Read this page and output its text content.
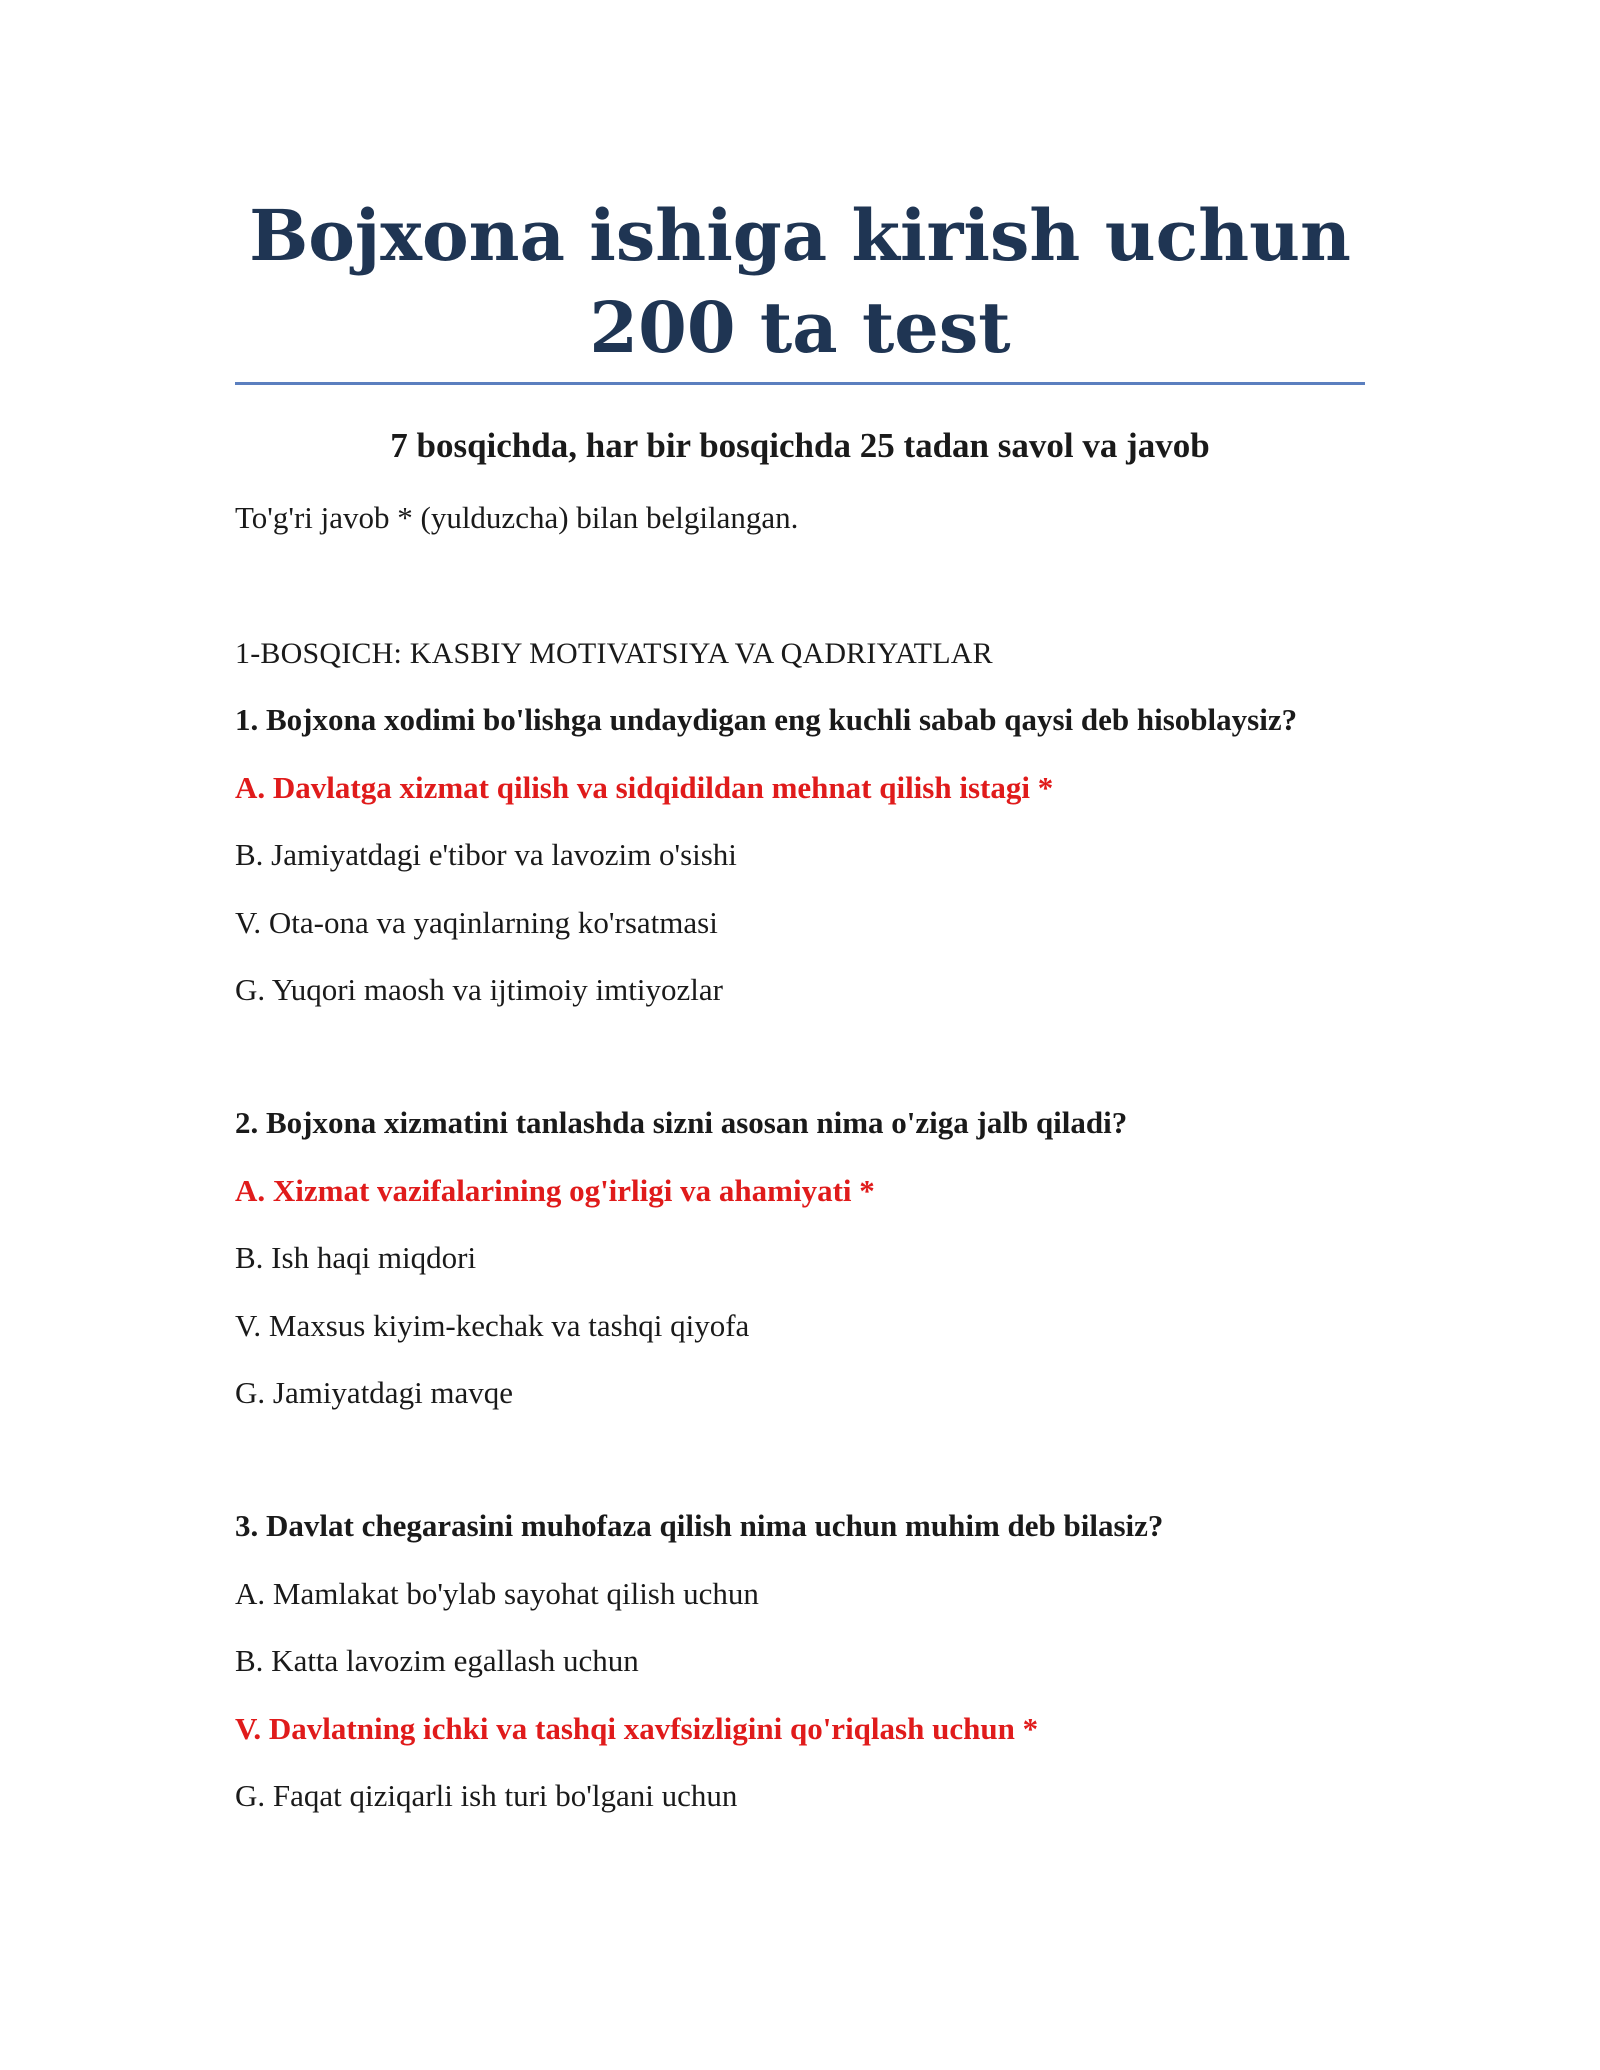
Bojxona ishiga kirish uchun 200 ta test
7 bosqichda, har bir bosqichda 25 tadan savol va javob
To'g'ri javob * (yulduzcha) bilan belgilangan.
1-BOSQICH: KASBIY MOTIVATSIYA VA QADRIYATLAR
1. Bojxona xodimi bo'lishga undaydigan eng kuchli sabab qaysi deb hisoblaysiz?
A. Davlatga xizmat qilish va sidqidildan mehnat qilish istagi *
B. Jamiyatdagi e'tibor va lavozim o'sishi
V. Ota-ona va yaqinlarning ko'rsatmasi
G. Yuqori maosh va ijtimoiy imtiyozlar
2. Bojxona xizmatini tanlashda sizni asosan nima o'ziga jalb qiladi?
A. Xizmat vazifalarining og'irligi va ahamiyati *
B. Ish haqi miqdori
V. Maxsus kiyim-kechak va tashqi qiyofa
G. Jamiyatdagi mavqe
3. Davlat chegarasini muhofaza qilish nima uchun muhim deb bilasiz?
A. Mamlakat bo'ylab sayohat qilish uchun
B. Katta lavozim egallash uchun
V. Davlatning ichki va tashqi xavfsizligini qo'riqlash uchun *
G. Faqat qiziqarli ish turi bo'lgani uchun
